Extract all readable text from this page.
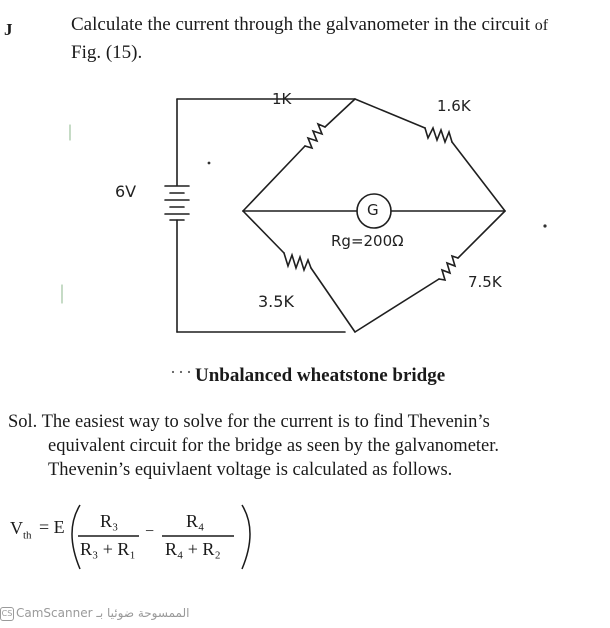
J	Calculate the current through the galvanometer in the circuit of
Fig. (15).
1K	1.6K
6V
G
Rg=200Ω
3.5K
7.5K
··· Unbalanced wheatstone bridge
Sol. The easiest way to solve for the current is to find Thevenin’s
equivalent circuit for the bridge as seen by the galvanometer.
Thevenin’s equivlaent voltage is calculated as follows.
$V_{th} = E$ R₃
R₃ + R₁
−
R₄
R₄ + R₂
CS CamScanner الممسوحة ضوئيا بـ
